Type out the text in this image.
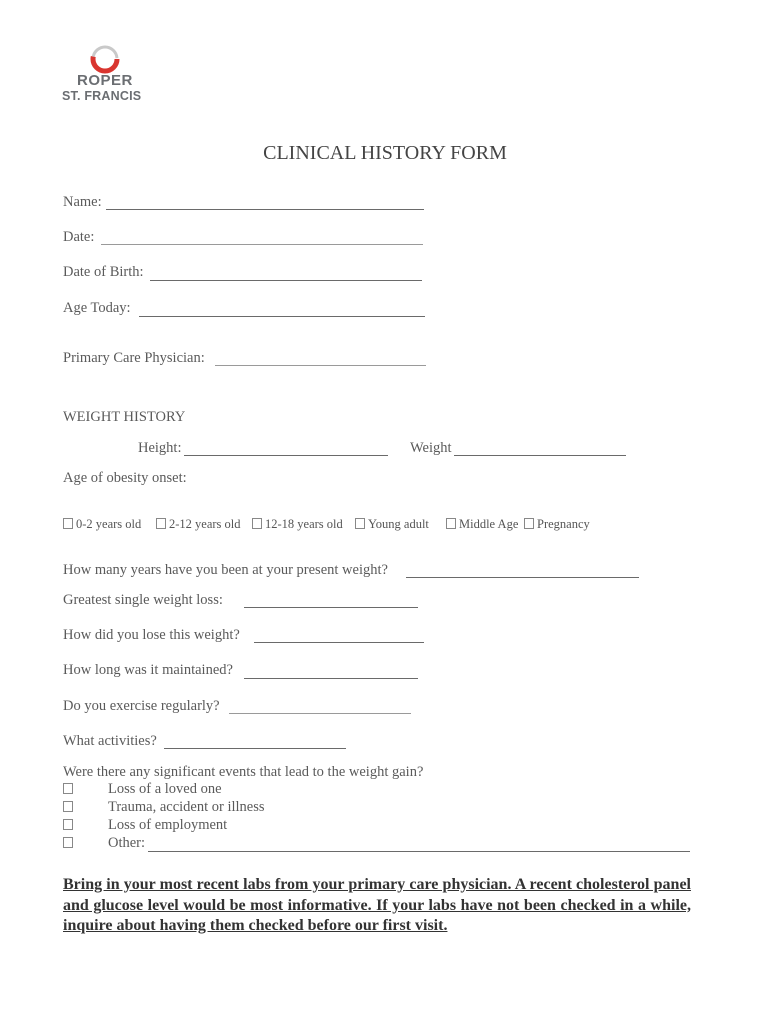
ROPER
ST. FRANCIS
CLINICAL HISTORY FORM
Name:
Date:
Date of Birth:
Age Today:
Primary Care Physician:
WEIGHT HISTORY
Height:	Weight
Age of obesity onset:
0-2 years old	2-12 years old	12-18 years old	Young adult	Middle Age	Pregnancy
How many years have you been at your present weight?
Greatest single weight loss:
How did you lose this weight?
How long was it maintained?
Do you exercise regularly?
What activities?
Were there any significant events that lead to the weight gain?
Loss of a loved one
Trauma, accident or illness
Loss of employment
Other:
Bring in your most recent labs from your primary care physician. A recent cholesterol panel and glucose level would be most informative. If your labs have not been checked in a while, inquire about having them checked before our first visit.
